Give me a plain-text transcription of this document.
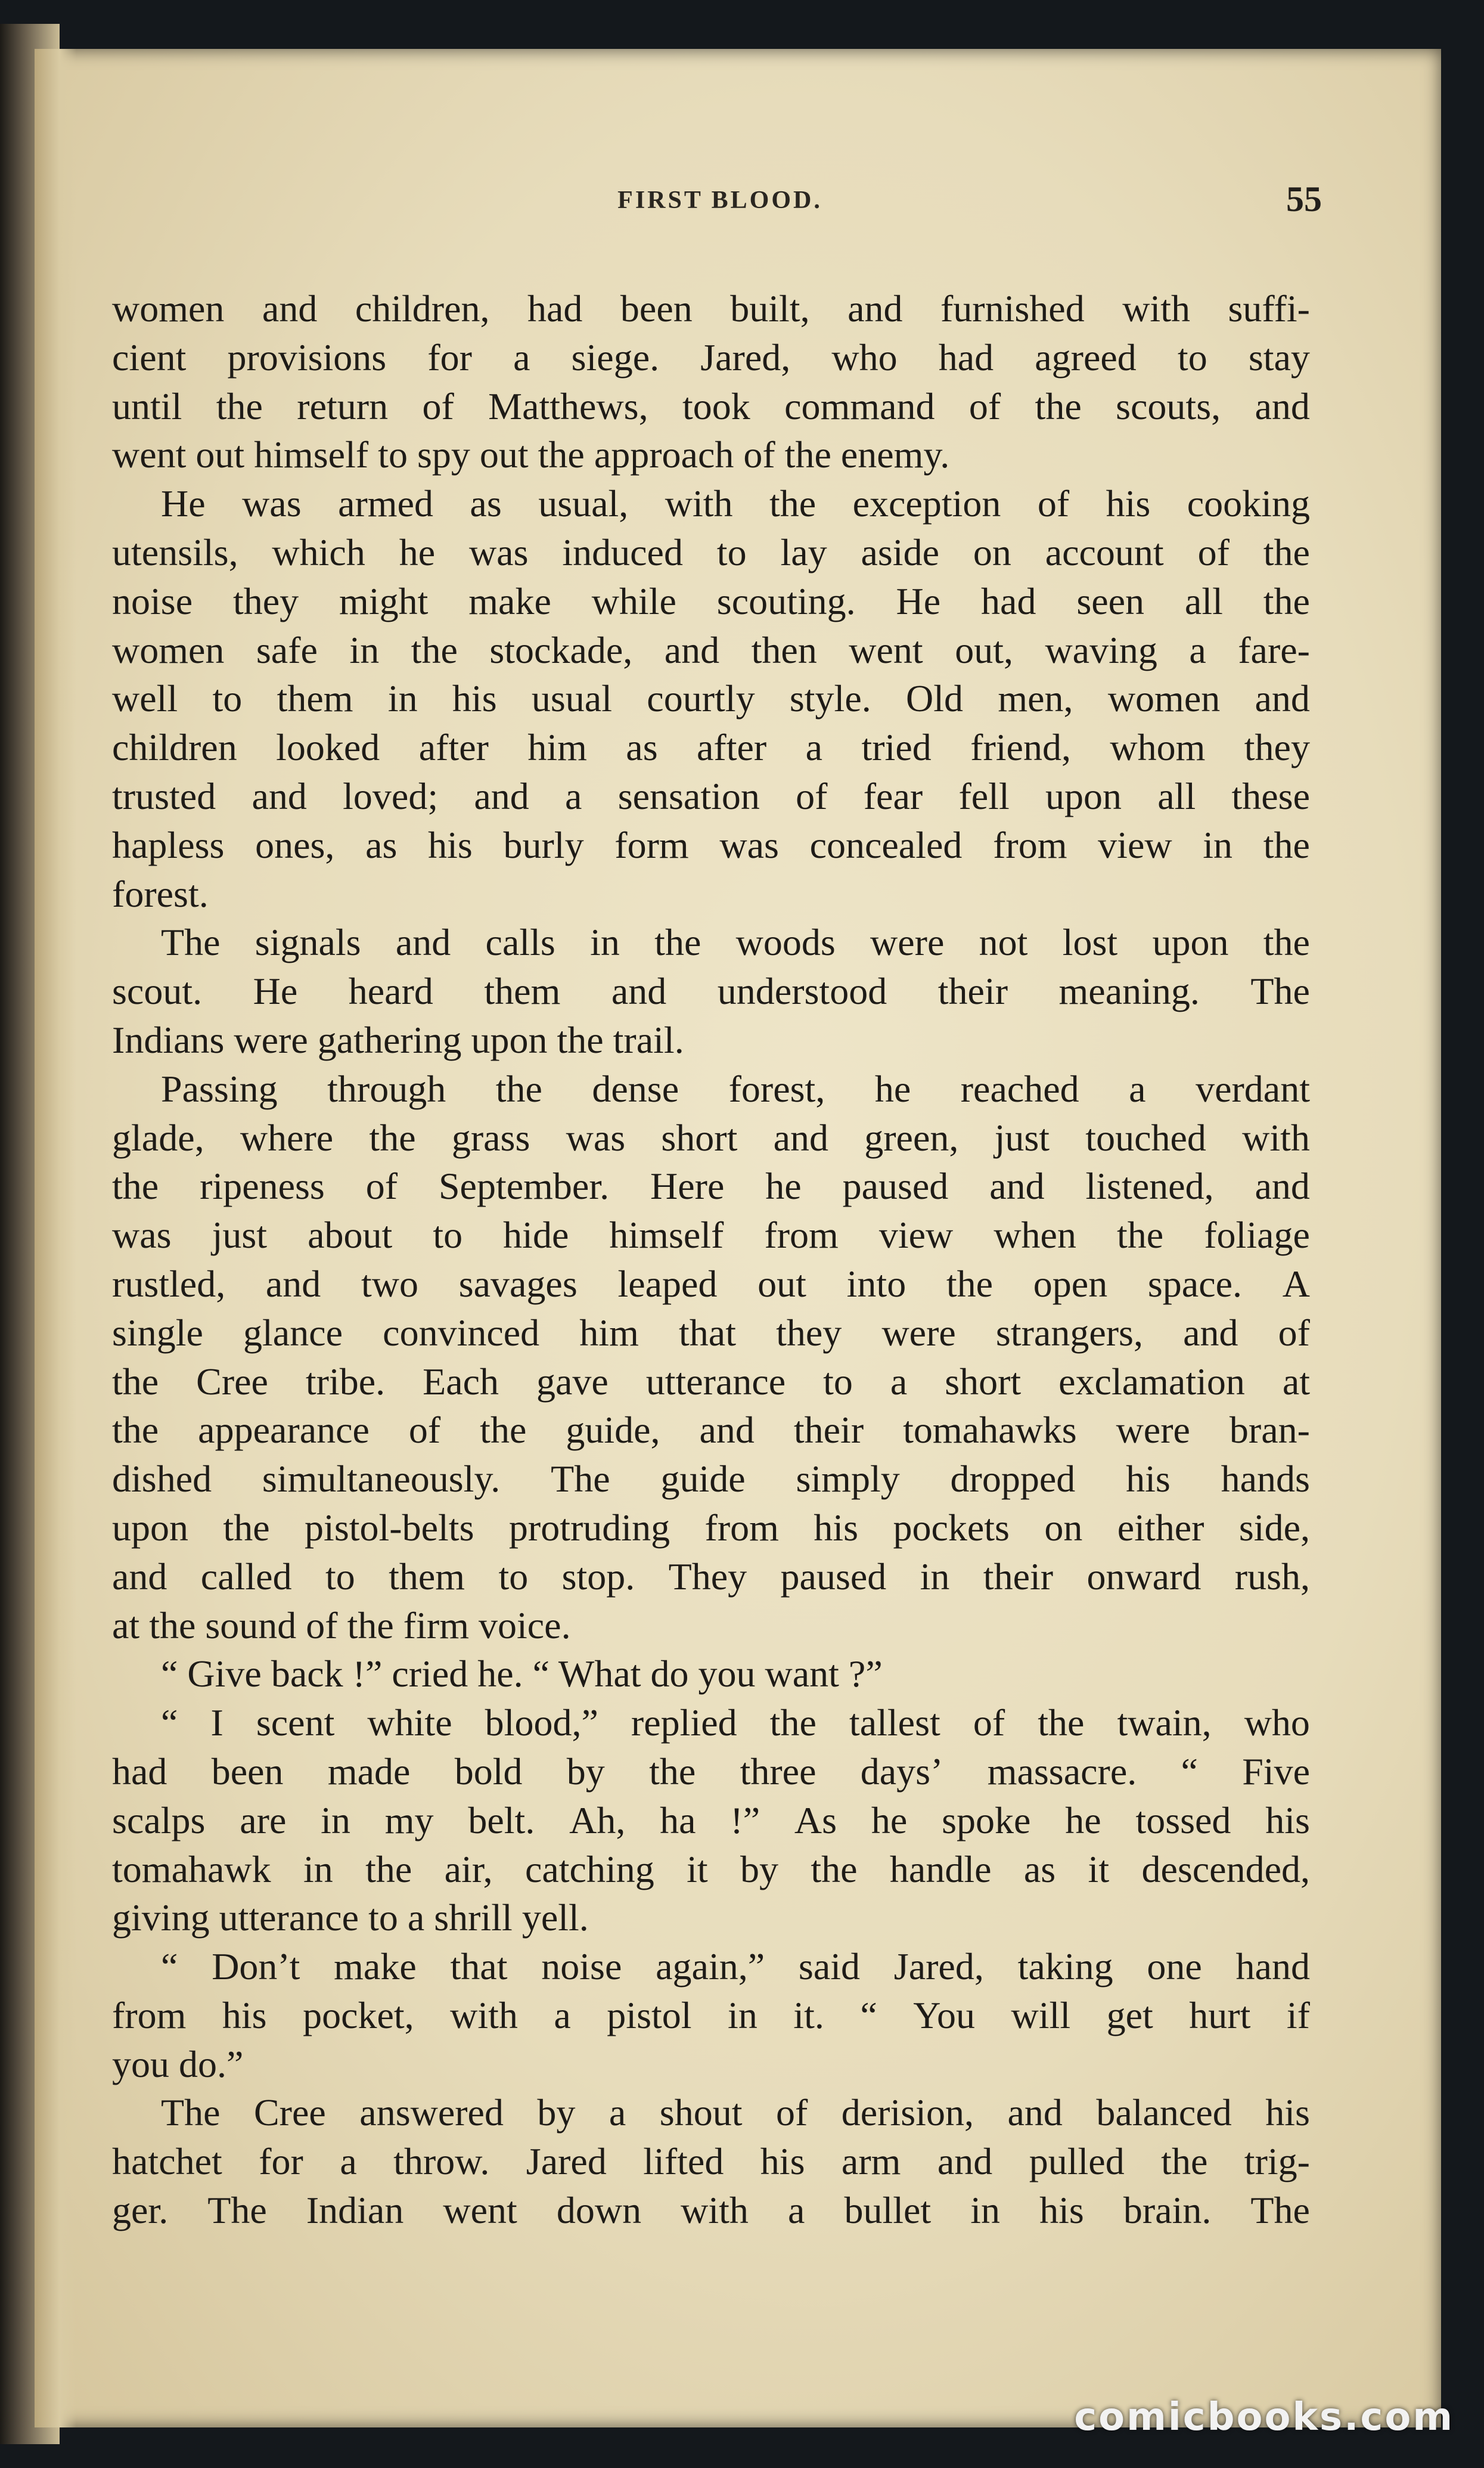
FIRST BLOOD.	55
women and children, had been built, and furnished with suffi-
cient provisions for a siege. Jared, who had agreed to stay
until the return of Matthews, took command of the scouts, and
went out himself to spy out the approach of the enemy.
He was armed as usual, with the exception of his cooking
utensils, which he was induced to lay aside on account of the
noise they might make while scouting. He had seen all the
women safe in the stockade, and then went out, waving a fare-
well to them in his usual courtly style. Old men, women and
children looked after him as after a tried friend, whom they
trusted and loved; and a sensation of fear fell upon all these
hapless ones, as his burly form was concealed from view in the
forest.
The signals and calls in the woods were not lost upon the
scout. He heard them and understood their meaning. The
Indians were gathering upon the trail.
Passing through the dense forest, he reached a verdant
glade, where the grass was short and green, just touched with
the ripeness of September. Here he paused and listened, and
was just about to hide himself from view when the foliage
rustled, and two savages leaped out into the open space. A
single glance convinced him that they were strangers, and of
the Cree tribe. Each gave utterance to a short exclamation at
the appearance of the guide, and their tomahawks were bran-
dished simultaneously. The guide simply dropped his hands
upon the pistol-belts protruding from his pockets on either side,
and called to them to stop. They paused in their onward rush,
at the sound of the firm voice.
“ Give back !” cried he. “ What do you want ?”
“ I scent white blood,” replied the tallest of the twain, who
had been made bold by the three days’ massacre. “ Five
scalps are in my belt. Ah, ha !” As he spoke he tossed his
tomahawk in the air, catching it by the handle as it descended,
giving utterance to a shrill yell.
“ Don’t make that noise again,” said Jared, taking one hand
from his pocket, with a pistol in it. “ You will get hurt if
you do.”
The Cree answered by a shout of derision, and balanced his
hatchet for a throw. Jared lifted his arm and pulled the trig-
ger. The Indian went down with a bullet in his brain. The
comicbooks.com
